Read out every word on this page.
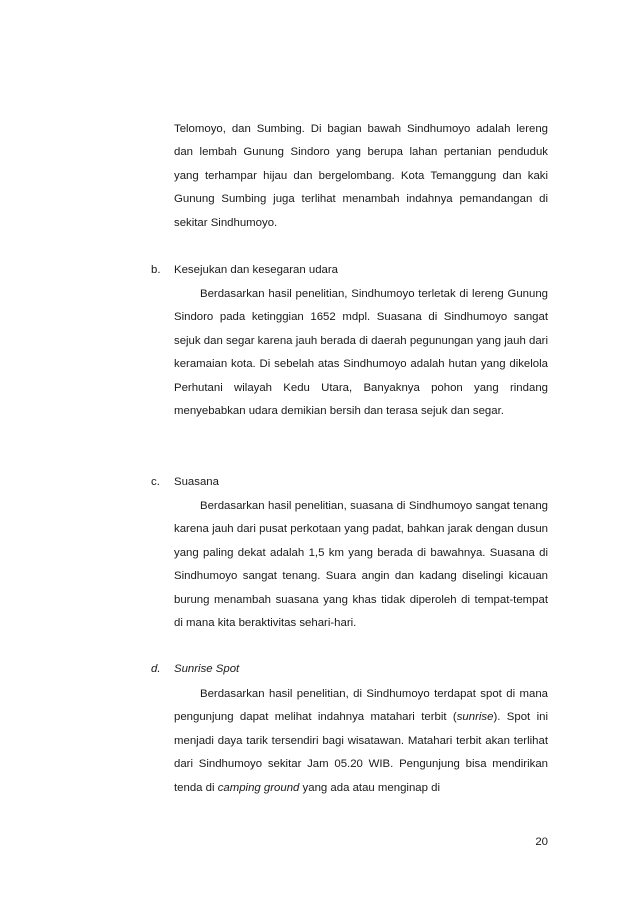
Telomoyo, dan Sumbing. Di bagian bawah Sindhumoyo adalah lereng dan lembah Gunung Sindoro yang berupa lahan pertanian penduduk yang terhampar hijau dan bergelombang. Kota Temanggung dan kaki Gunung Sumbing juga terlihat menambah indahnya pemandangan di sekitar Sindhumoyo.

b. Kesejukan dan kesegaran udara

Berdasarkan hasil penelitian, Sindhumoyo terletak di lereng Gunung Sindoro pada ketinggian 1652 mdpl. Suasana di Sindhumoyo sangat sejuk dan segar karena jauh berada di daerah pegunungan yang jauh dari keramaian kota. Di sebelah atas Sindhumoyo adalah hutan yang dikelola Perhutani wilayah Kedu Utara, Banyaknya pohon yang rindang menyebabkan udara demikian bersih dan terasa sejuk dan segar.

c. Suasana

Berdasarkan hasil penelitian, suasana di Sindhumoyo sangat tenang karena jauh dari pusat perkotaan yang padat, bahkan jarak dengan dusun yang paling dekat adalah 1,5 km yang berada di bawahnya. Suasana di Sindhumoyo sangat tenang. Suara angin dan kadang diselingi kicauan burung menambah suasana yang khas tidak diperoleh di tempat-tempat di mana kita beraktivitas sehari-hari.

d. Sunrise Spot

Berdasarkan hasil penelitian, di Sindhumoyo terdapat spot di mana pengunjung dapat melihat indahnya matahari terbit (sunrise). Spot ini menjadi daya tarik tersendiri bagi wisatawan. Matahari terbit akan terlihat dari Sindhumoyo sekitar Jam 05.20 WIB. Pengunjung bisa mendirikan tenda di camping ground yang ada atau menginap di

20
